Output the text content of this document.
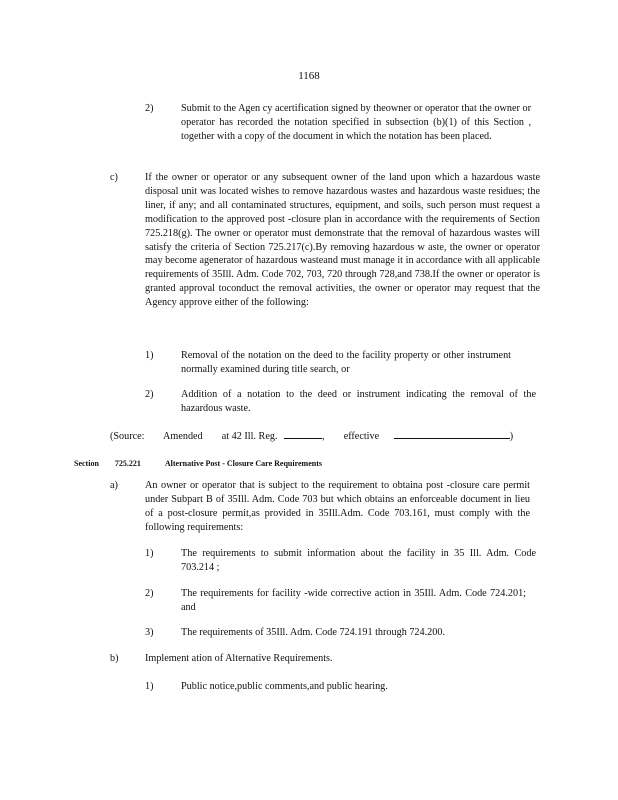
1168
2)	Submit to the Agen cy acertification signed by theowner or operator that the owner or operator has recorded the notation specified in subsection (b)(1) of this Section , together with a copy of the document in which the notation has been placed.
c)	If the owner or operator or any subsequent owner of the land upon which a hazardous waste disposal unit was located wishes to remove hazardous wastes and hazardous waste residues; the liner, if any; and all contaminated structures, equipment, and soils, such person must request a modification to the approved post -closure plan in accordance with the requirements of Section 725.218(g). The owner or operator must demonstrate that the removal of hazardous wastes will satisfy the criteria of Section 725.217(c).By removing hazardous w aste, the owner or operator may become agenerator of hazardous wasteand must manage it in accordance with all applicable requirements of 35Ill. Adm. Code 702, 703, 720 through 728,and 738.If the owner or operator is granted approval toconduct the removal activities, the owner or operator may request that the Agency approve either of the following:
1)	Removal of the notation on the deed to the facility property or other instrument normally examined during title search, or
2)	Addition of a notation to the deed or instrument indicating the removal of the hazardous waste.
(Source: Amended at 42 Ill. Reg.	, effective	)
Section 725.221	Alternative Post - Closure Care Requirements
a)	An owner or operator that is subject to the requirement to obtaina post -closure care permit under Subpart B of 35Ill. Adm. Code 703 but which obtains an enforceable document in lieu of a post-closure permit,as provided in 35Ill.Adm. Code 703.161, must comply with the following requirements:
1)	The requirements to submit information about the facility in 35 Ill. Adm. Code 703.214 ;
2)	The requirements for facility -wide corrective action in 35Ill. Adm. Code 724.201; and
3)	The requirements of 35Ill. Adm. Code 724.191 through 724.200.
b)	Implement ation of Alternative Requirements.
1)	Public notice,public comments,and public hearing.
